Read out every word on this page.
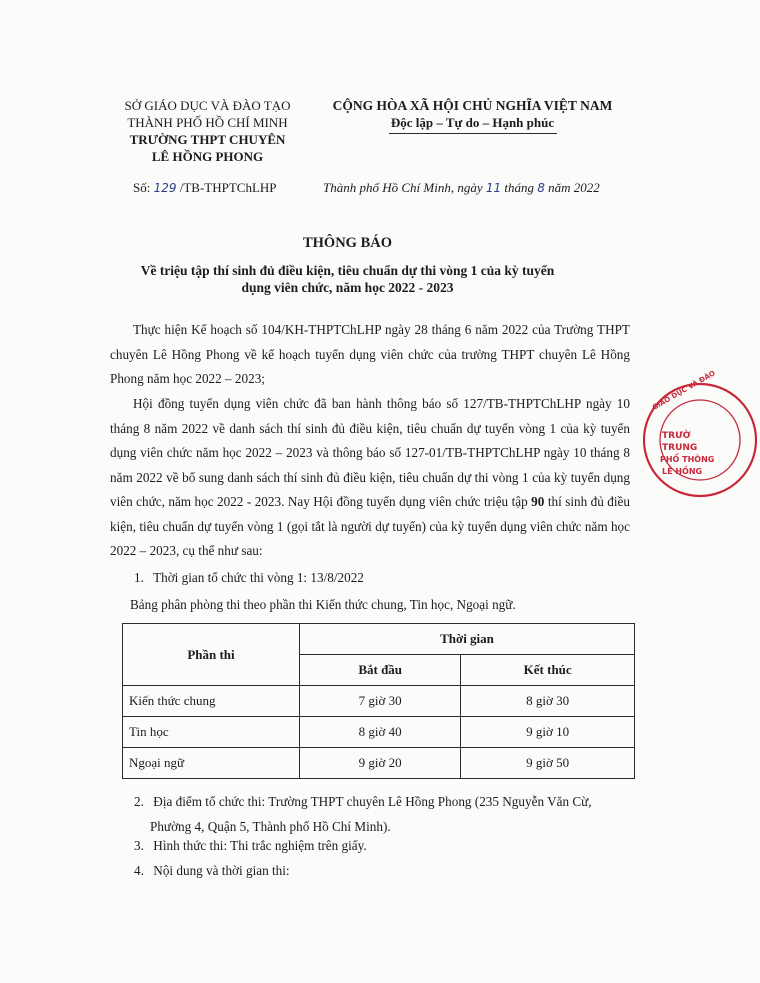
SỞ GIÁO DỤC VÀ ĐÀO TẠO
THÀNH PHỐ HỒ CHÍ MINH
TRƯỜNG THPT CHUYÊN
LÊ HỒNG PHONG
CỘNG HÒA XÃ HỘI CHỦ NGHĨA VIỆT NAM
Độc lập – Tự do – Hạnh phúc
Số: 129 /TB-THPTChLHP	Thành phố Hồ Chí Minh, ngày 11 tháng 8 năm 2022
THÔNG BÁO
Về triệu tập thí sinh đủ điều kiện, tiêu chuẩn dự thi vòng 1 của kỳ tuyển dụng viên chức, năm học 2022 - 2023
Thực hiện Kế hoạch số 104/KH-THPTChLHP ngày 28 tháng 6 năm 2022 của Trường THPT chuyên Lê Hồng Phong về kế hoạch tuyển dụng viên chức của trường THPT chuyên Lê Hồng Phong năm học 2022 – 2023;
Hội đồng tuyển dụng viên chức đã ban hành thông báo số 127/TB-THPTChLHP ngày 10 tháng 8 năm 2022 về danh sách thí sinh đủ điều kiện, tiêu chuẩn dự tuyển vòng 1 của kỳ tuyển dụng viên chức năm học 2022 – 2023 và thông báo số 127-01/TB-THPTChLHP ngày 10 tháng 8 năm 2022 về bổ sung danh sách thí sinh đủ điều kiện, tiêu chuẩn dự thi vòng 1 của kỳ tuyển dụng viên chức, năm học 2022 - 2023. Nay Hội đồng tuyển dụng viên chức triệu tập 90 thí sinh đủ điều kiện, tiêu chuẩn dự tuyển vòng 1 (gọi tắt là người dự tuyển) của kỳ tuyển dụng viên chức năm học 2022 – 2023, cụ thể như sau:
1. Thời gian tổ chức thi vòng 1: 13/8/2022
Bảng phân phòng thi theo phần thi Kiến thức chung, Tin học, Ngoại ngữ.
Phần thi	Thời gian	
	Bắt đầu	Kết thúc
Kiến thức chung	7 giờ 30	8 giờ 30
Tin học	8 giờ 40	9 giờ 10
Ngoại ngữ	9 giờ 20	9 giờ 50
2. Địa điểm tổ chức thi: Trường THPT chuyên Lê Hồng Phong (235 Nguyễn Văn Cừ,
Phường 4, Quận 5, Thành phố Hồ Chí Minh).
3. Hình thức thi: Thi trắc nghiệm trên giấy.
4. Nội dung và thời gian thi:
TRƯỜ
TRUNG
PHỔ THÔNG
LÊ HỒNG
GIÁO DỤC VÀ ĐÀO
